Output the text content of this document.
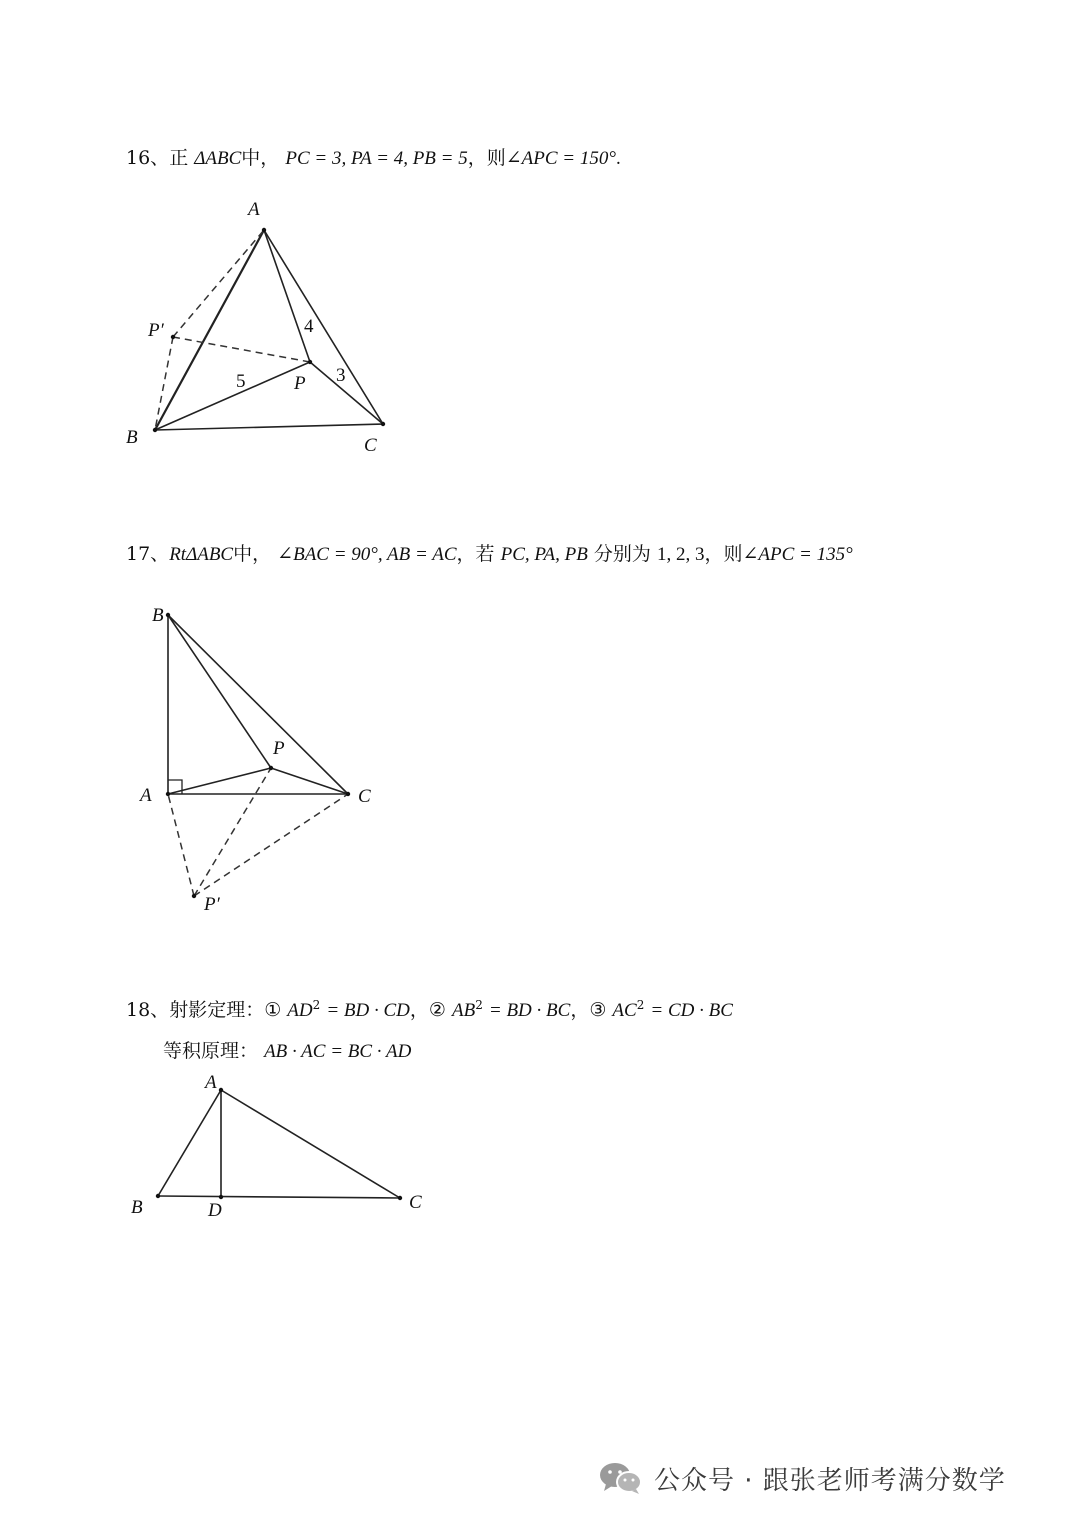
16、正 ΔABC中， PC = 3, PA = 4, PB = 5，则∠APC = 150°.
A
B	C
P
P′	4
5	3
17、RtΔABC中， ∠BAC = 90°, AB = AC，若 PC, PA, PB 分别为 1, 2, 3，则∠APC = 135°
B
A	C
P
P′
18、射影定理：① $AD^2$ = BD · CD，② $AB^2$ = BD · BC，③ $AC^2$ = CD · BC
等积原理： AB · AC = BC · AD
A
B	C
D
公众号 · 跟张老师考满分数学
